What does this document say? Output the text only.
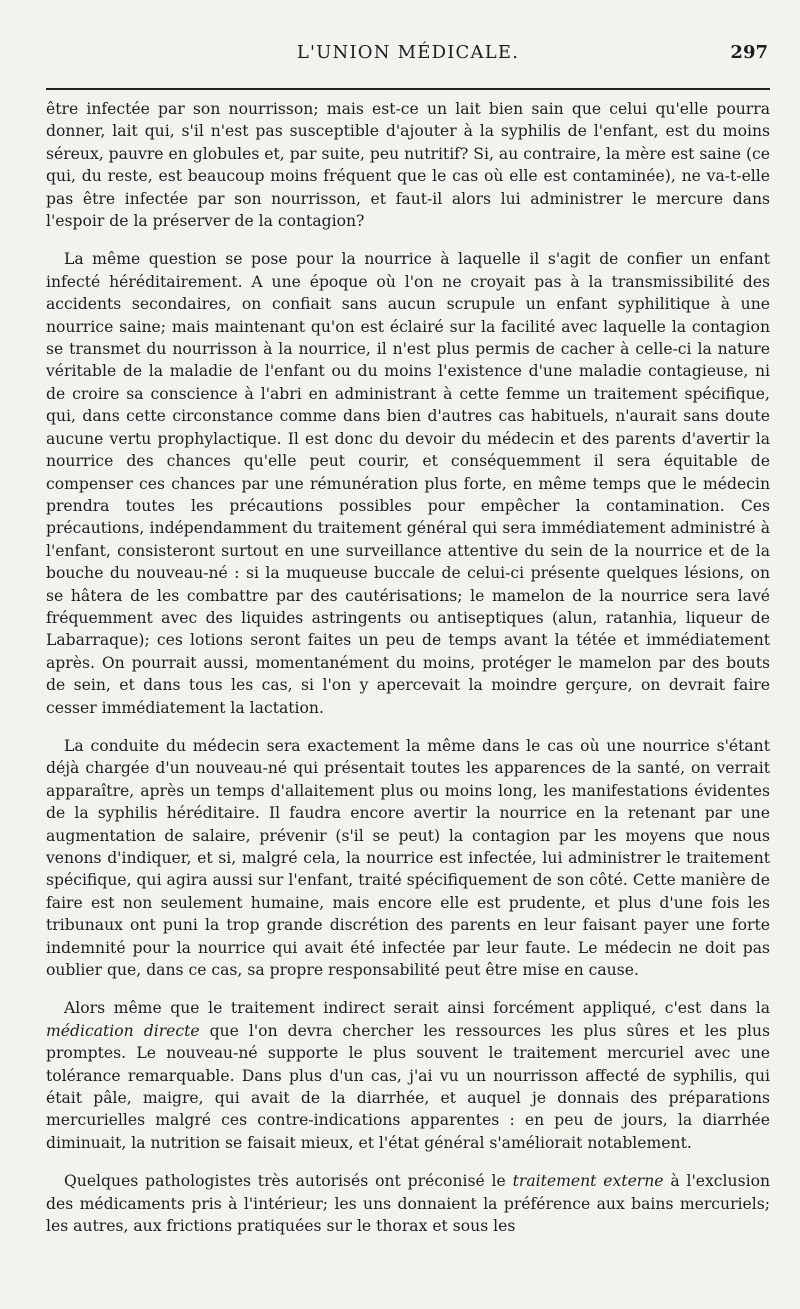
L'UNION MÉDICALE.	297

être infectée par son nourrisson; mais est-ce un lait bien sain que celui qu'elle pourra donner, lait qui, s'il n'est pas susceptible d'ajouter à la syphilis de l'enfant, est du moins séreux, pauvre en globules et, par suite, peu nutritif? Si, au contraire, la mère est saine (ce qui, du reste, est beaucoup moins fréquent que le cas où elle est contaminée), ne va-t-elle pas être infectée par son nourrisson, et faut-il alors lui administrer le mercure dans l'espoir de la préserver de la contagion?

La même question se pose pour la nourrice à laquelle il s'agit de confier un enfant infecté héréditairement. A une époque où l'on ne croyait pas à la transmissibilité des accidents secondaires, on confiait sans aucun scrupule un enfant syphilitique à une nourrice saine; mais maintenant qu'on est éclairé sur la facilité avec laquelle la contagion se transmet du nourrisson à la nourrice, il n'est plus permis de cacher à celle-ci la nature véritable de la maladie de l'enfant ou du moins l'existence d'une maladie contagieuse, ni de croire sa conscience à l'abri en administrant à cette femme un traitement spécifique, qui, dans cette circonstance comme dans bien d'autres cas habituels, n'aurait sans doute aucune vertu prophylactique. Il est donc du devoir du médecin et des parents d'avertir la nourrice des chances qu'elle peut courir, et conséquemment il sera équitable de compenser ces chances par une rémunération plus forte, en même temps que le médecin prendra toutes les précautions possibles pour empêcher la contamination. Ces précautions, indépendamment du traitement général qui sera immédiatement administré à l'enfant, consisteront surtout en une surveillance attentive du sein de la nourrice et de la bouche du nouveau-né : si la muqueuse buccale de celui-ci présente quelques lésions, on se hâtera de les combattre par des cautérisations; le mamelon de la nourrice sera lavé fréquemment avec des liquides astringents ou antiseptiques (alun, ratanhia, liqueur de Labarraque); ces lotions seront faites un peu de temps avant la tétée et immédiatement après. On pourrait aussi, momentanément du moins, protéger le mamelon par des bouts de sein, et dans tous les cas, si l'on y apercevait la moindre gerçure, on devrait faire cesser immédiatement la lactation.

La conduite du médecin sera exactement la même dans le cas où une nourrice s'étant déjà chargée d'un nouveau-né qui présentait toutes les apparences de la santé, on verrait apparaître, après un temps d'allaitement plus ou moins long, les manifestations évidentes de la syphilis héréditaire. Il faudra encore avertir la nourrice en la retenant par une augmentation de salaire, prévenir (s'il se peut) la contagion par les moyens que nous venons d'indiquer, et si, malgré cela, la nourrice est infectée, lui administrer le traitement spécifique, qui agira aussi sur l'enfant, traité spécifiquement de son côté. Cette manière de faire est non seulement humaine, mais encore elle est prudente, et plus d'une fois les tribunaux ont puni la trop grande discrétion des parents en leur faisant payer une forte indemnité pour la nourrice qui avait été infectée par leur faute. Le médecin ne doit pas oublier que, dans ce cas, sa propre responsabilité peut être mise en cause.

Alors même que le traitement indirect serait ainsi forcément appliqué, c'est dans la médication directe que l'on devra chercher les ressources les plus sûres et les plus promptes. Le nouveau-né supporte le plus souvent le traitement mercuriel avec une tolérance remarquable. Dans plus d'un cas, j'ai vu un nourrisson affecté de syphilis, qui était pâle, maigre, qui avait de la diarrhée, et auquel je donnais des préparations mercurielles malgré ces contre-indications apparentes : en peu de jours, la diarrhée diminuait, la nutrition se faisait mieux, et l'état général s'améliorait notablement.

Quelques pathologistes très autorisés ont préconisé le traitement externe à l'exclusion des médicaments pris à l'intérieur; les uns donnaient la préférence aux bains mercuriels; les autres, aux frictions pratiquées sur le thorax et sous les
